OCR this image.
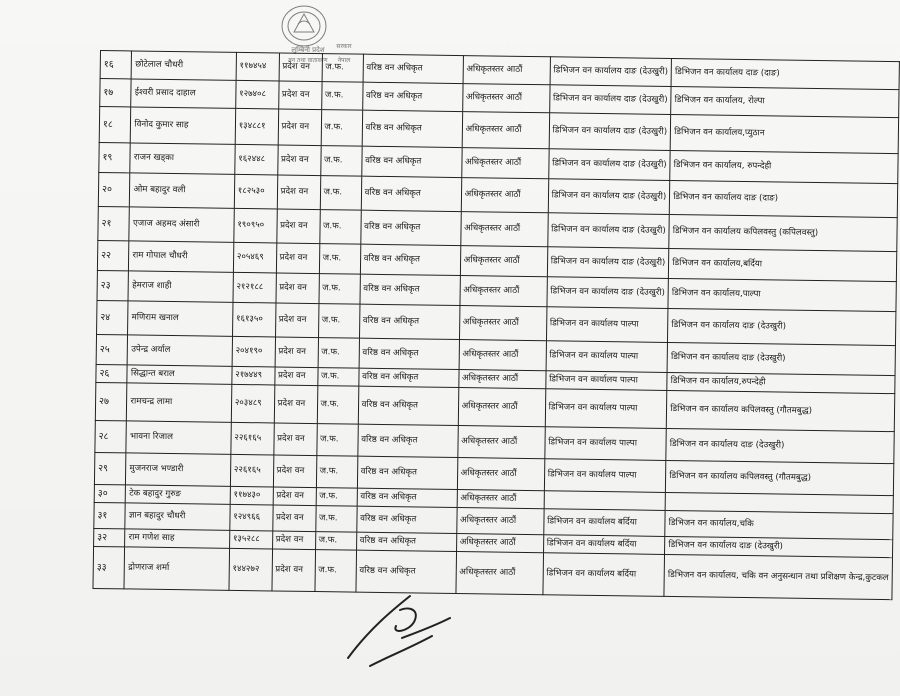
लुम्बिनी प्रदेश सरकार
वन तथा वातावरण नेपाल
१६	छोटेलाल चौधरी	११७४५४	प्रदेश वन	ज.फ.	वरिष्ठ वन अधिकृत	अधिकृतस्तर आठौं	डिभिजन वन कार्यालय दाङ (देउखुरी)	डिभिजन वन कार्यालय दाङ (दाङ)
१७	ईश्वरी प्रसाद दाहाल	१२७४०८	प्रदेश वन	ज.फ.	वरिष्ठ वन अधिकृत	अधिकृतस्तर आठौं	डिभिजन वन कार्यालय दाङ (देउखुरी)	डिभिजन वन कार्यालय, रोल्पा
१८	विनोद कुमार साह	१३४८८१	प्रदेश वन	ज.फ.	वरिष्ठ वन अधिकृत	अधिकृतस्तर आठौं	डिभिजन वन कार्यालय दाङ (देउखुरी)	डिभिजन वन कार्यालय,प्युठान
१९	राजन खड्का	१६२४४८	प्रदेश वन	ज.फ.	वरिष्ठ वन अधिकृत	अधिकृतस्तर आठौं	डिभिजन वन कार्यालय दाङ (देउखुरी)	डिभिजन वन कार्यालय, रुपन्देही
२०	ओम बहादुर वली	१८२५३०	प्रदेश वन	ज.फ.	वरिष्ठ वन अधिकृत	अधिकृतस्तर आठौं	डिभिजन वन कार्यालय दाङ (देउखुरी)	डिभिजन वन कार्यालय दाङ (दाङ)
२१	एजाज अहमद अंसारी	१९०९५०	प्रदेश वन	ज.फ.	वरिष्ठ वन अधिकृत	अधिकृतस्तर आठौं	डिभिजन वन कार्यालय दाङ (देउखुरी)	डिभिजन वन कार्यालय कपिलवस्तु (कपिलवस्तु)
२२	राम गोपाल चौधरी	२०५४६९	प्रदेश वन	ज.फ.	वरिष्ठ वन अधिकृत	अधिकृतस्तर आठौं	डिभिजन वन कार्यालय दाङ (देउखुरी)	डिभिजन वन कार्यालय,बर्दिया
२३	हेमराज शाही	२१२१८८	प्रदेश वन	ज.फ.	वरिष्ठ वन अधिकृत	अधिकृतस्तर आठौं	डिभिजन वन कार्यालय दाङ (देउखुरी)	डिभिजन वन कार्यालय,पाल्पा
२४	मणिराम खनाल	१६१३५०	प्रदेश वन	ज.फ.	वरिष्ठ वन अधिकृत	अधिकृतस्तर आठौं	डिभिजन वन कार्यालय पाल्पा	डिभिजन वन कार्यालय दाङ (देउखुरी)
२५	उपेन्द्र अर्याल	२०४१९०	प्रदेश वन	ज.फ.	वरिष्ठ वन अधिकृत	अधिकृतस्तर आठौं	डिभिजन वन कार्यालय पाल्पा	डिभिजन वन कार्यालय दाङ (देउखुरी)
२६	सिद्धान्त बराल	२१७४४९	प्रदेश वन	ज.फ.	वरिष्ठ वन अधिकृत	अधिकृतस्तर आठौं	डिभिजन वन कार्यालय पाल्पा	डिभिजन वन कार्यालय,रुपन्देही
२७	रामचन्द्र लामा	२०३४८९	प्रदेश वन	ज.फ.	वरिष्ठ वन अधिकृत	अधिकृतस्तर आठौं	डिभिजन वन कार्यालय पाल्पा	डिभिजन वन कार्यालय कपिलवस्तु (गौतमबुद्ध)
२८	भावना रिजाल	२२६१६५	प्रदेश वन	ज.फ.	वरिष्ठ वन अधिकृत	अधिकृतस्तर आठौं	डिभिजन वन कार्यालय पाल्पा	डिभिजन वन कार्यालय दाङ (देउखुरी)
२९	मुजनराज भण्डारी	२२६१६५	प्रदेश वन	ज.फ.	वरिष्ठ वन अधिकृत	अधिकृतस्तर आठौं	डिभिजन वन कार्यालय पाल्पा	डिभिजन वन कार्यालय कपिलवस्तु (गौतमबुद्ध)
३०	टेक बहादुर गुरुङ	११७४३०	प्रदेश वन	ज.फ.	वरिष्ठ वन अधिकृत	अधिकृतस्तर आठौं		
३१	ज्ञान बहादुर चौधरी	१२४९६६	प्रदेश वन	ज.फ.	वरिष्ठ वन अधिकृत	अधिकृतस्तर आठौं	डिभिजन वन कार्यालय बर्दिया	डिभिजन वन कार्यालय,चकि
३२	राम गणेश साह	१३५२८८	प्रदेश वन	ज.फ.	वरिष्ठ वन अधिकृत	अधिकृतस्तर आठौं	डिभिजन वन कार्यालय बर्दिया	डिभिजन वन कार्यालय दाङ (देउखुरी)
३३	द्रोणराज शर्मा	१४४२७२	प्रदेश वन	ज.फ.	वरिष्ठ वन अधिकृत	अधिकृतस्तर आठौं	डिभिजन वन कार्यालय बर्दिया	डिभिजन वन कार्यालय, चकि वन अनुसन्धान तथा प्रशिक्षण केन्द्र,कुटकल
